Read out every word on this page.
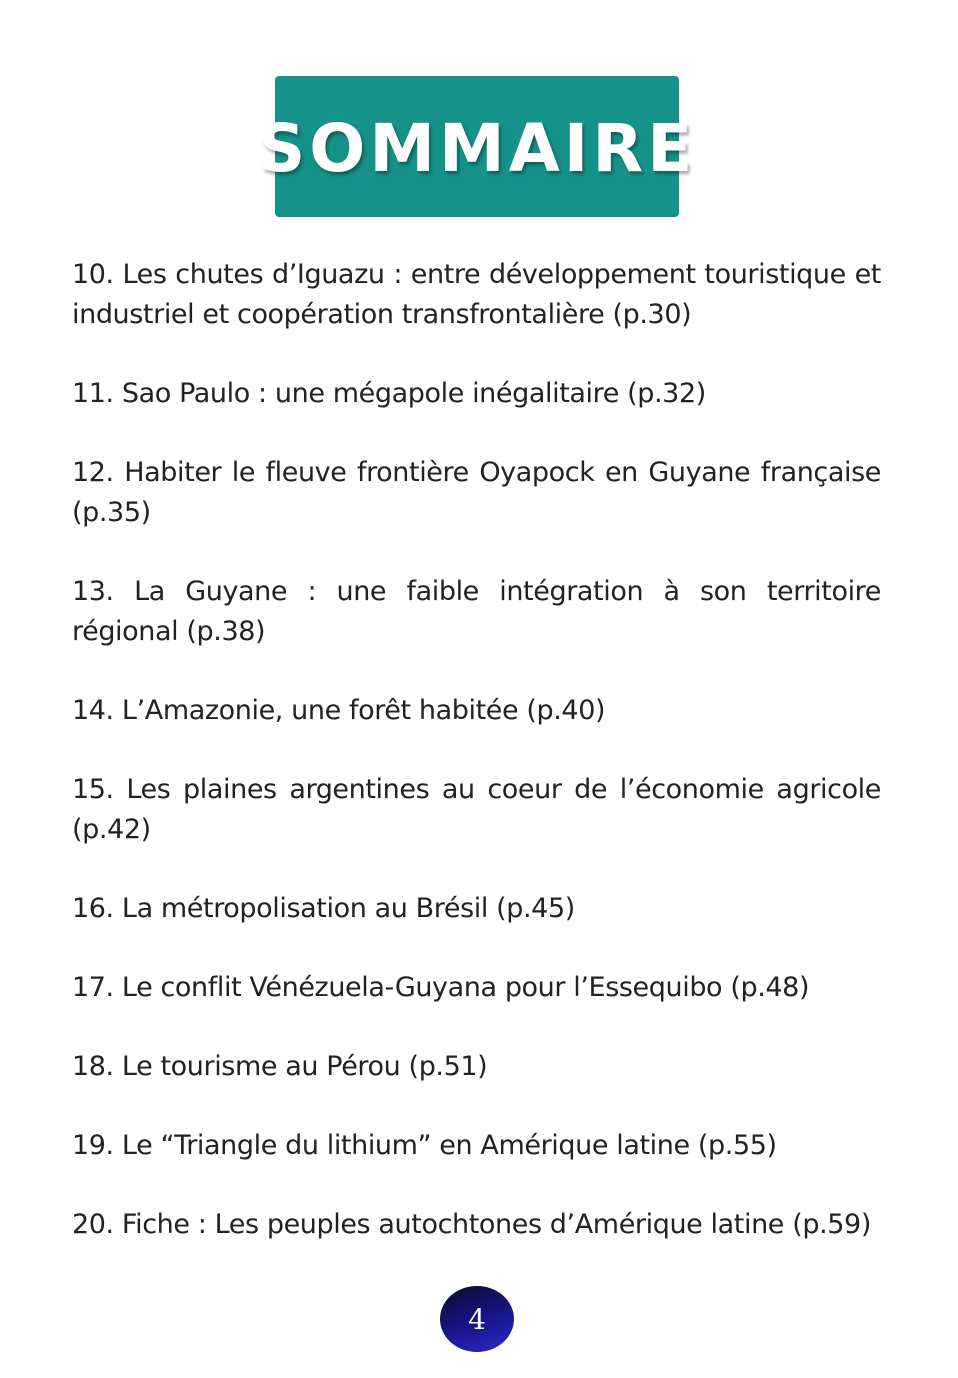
SOMMAIRE
10. Les chutes d’Iguazu : entre développement touristique et industriel et coopération transfrontalière (p.30)
11. Sao Paulo : une mégapole inégalitaire (p.32)
12. Habiter le fleuve frontière Oyapock en Guyane française (p.35)
13. La Guyane : une faible intégration à son territoire régional (p.38)
14. L’Amazonie, une forêt habitée (p.40)
15. Les plaines argentines au coeur de l’économie agricole (p.42)
16. La métropolisation au Brésil (p.45)
17. Le conflit Vénézuela-Guyana pour l’Essequibo (p.48)
18. Le tourisme au Pérou (p.51)
19. Le “Triangle du lithium” en Amérique latine (p.55)
20. Fiche : Les peuples autochtones d’Amérique latine (p.59)
4
